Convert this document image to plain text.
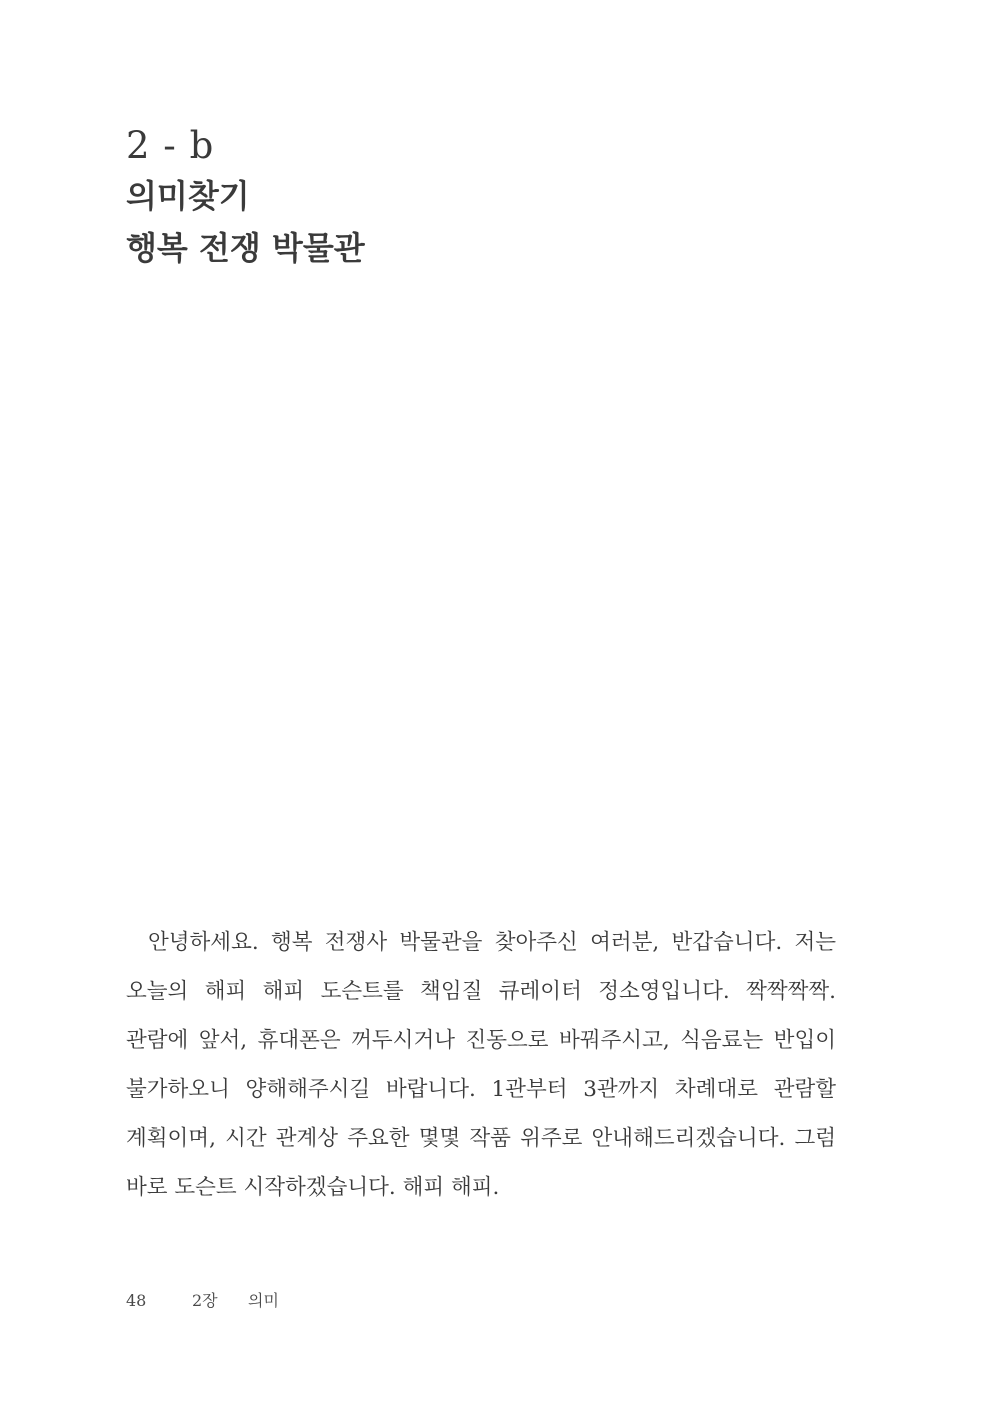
2 - b
의미찾기
행복 전쟁 박물관

안녕하세요. 행복 전쟁사 박물관을 찾아주신 여러분, 반갑습니다. 저는 오늘의 해피 해피 도슨트를 책임질 큐레이터 정소영입니다. 짝짝짝짝. 관람에 앞서, 휴대폰은 꺼두시거나 진동으로 바꿔주시고, 식음료는 반입이 불가하오니 양해해주시길 바랍니다. 1관부터 3관까지 차례대로 관람할 계획이며, 시간 관계상 주요한 몇몇 작품 위주로 안내해드리겠습니다. 그럼 바로 도슨트 시작하겠습니다. 해피 해피.

48	2장	의미
